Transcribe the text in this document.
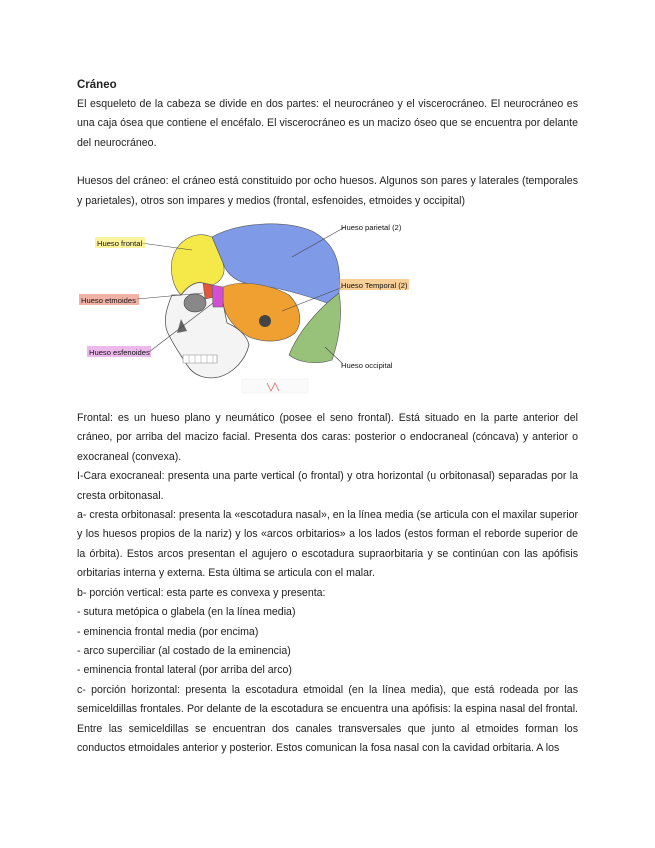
Cráneo

El esqueleto de la cabeza se divide en dos partes: el neurocráneo y el viscerocráneo. El neurocráneo es una caja ósea que contiene el encéfalo. El viscerocráneo es un macizo óseo que se encuentra por delante del neurocráneo.

Huesos del cráneo: el cráneo está constituido por ocho huesos. Algunos son pares y laterales (temporales y parietales), otros son impares y medios (frontal, esfenoides, etmoides y occipital)

Hueso frontal
Hueso etmoides
Hueso esfenoides
Hueso parietal (2)
Hueso Temporal (2)
Hueso occipital

Frontal: es un hueso plano y neumático (posee el seno frontal). Está situado en la parte anterior del cráneo, por arriba del macizo facial. Presenta dos caras: posterior o endocraneal (cóncava) y anterior o exocraneal (convexa).

I-Cara exocraneal: presenta una parte vertical (o frontal) y otra horizontal (u orbitonasal) separadas por la cresta orbitonasal.

a- cresta orbitonasal: presenta la «escotadura nasal», en la línea media (se articula con el maxilar superior y los huesos propios de la nariz) y los «arcos orbitarios» a los lados (estos forman el reborde superior de la órbita). Estos arcos presentan el agujero o escotadura supraorbitaria y se continúan con las apófisis orbitarias interna y externa. Esta última se articula con el malar.

b- porción vertical: esta parte es convexa y presenta:

- sutura metópica o glabela (en la línea media)

- eminencia frontal media (por encima)

- arco superciliar (al costado de la eminencia)

- eminencia frontal lateral (por arriba del arco)

c- porción horizontal: presenta la escotadura etmoidal (en la línea media), que está rodeada por las semiceldillas frontales. Por delante de la escotadura se encuentra una apófisis: la espina nasal del frontal. Entre las semiceldillas se encuentran dos canales transversales que junto al etmoides forman los conductos etmoidales anterior y posterior. Estos comunican la fosa nasal con la cavidad orbitaria. A los
